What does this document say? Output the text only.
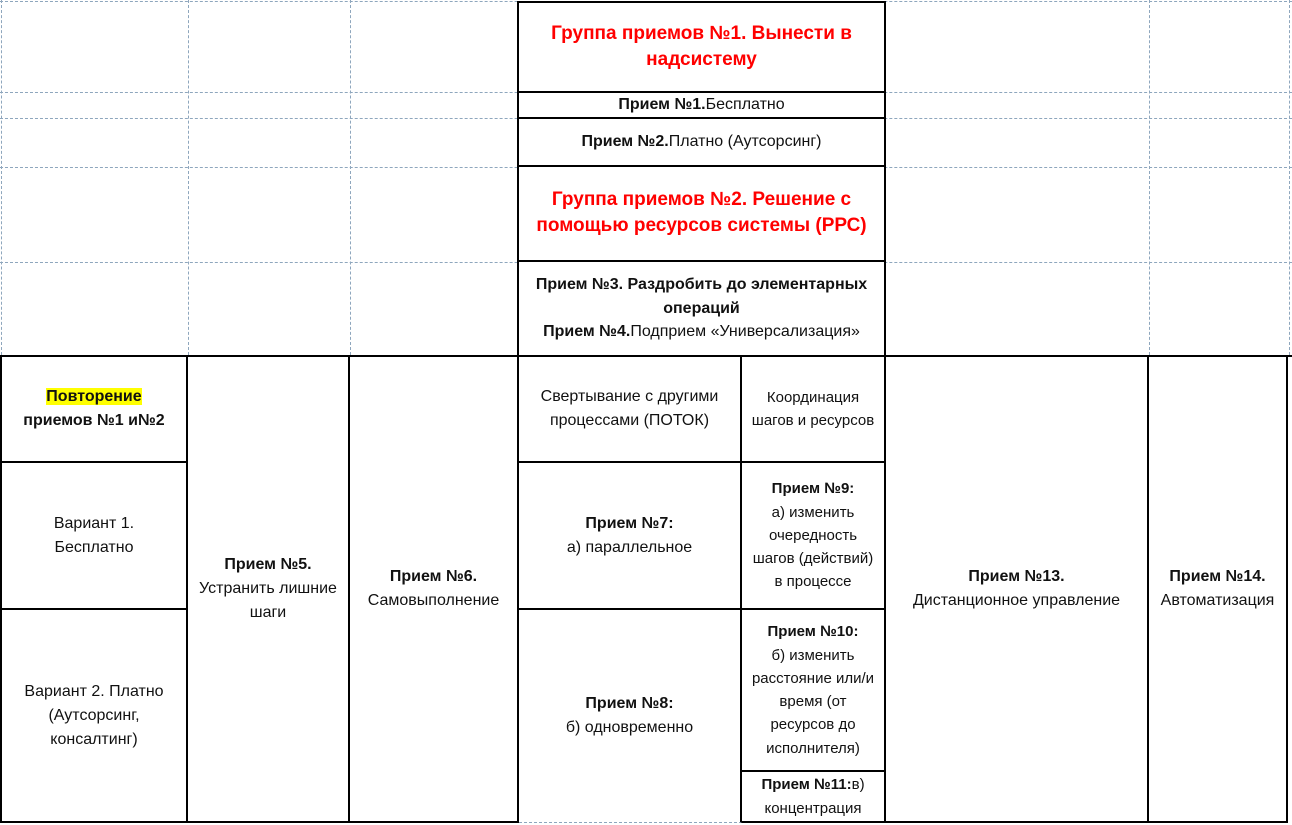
Группа приемов №1. Вынести в надсистему
Прием №1.Бесплатно
Прием №2.Платно (Аутсорсинг)
Группа приемов №2. Решение с помощью ресурсов системы (РРС)
Прием №3. Раздробить до элементарных операций
Прием №4.Подприем «Универсализация»
Повторение
приемов №1 и№2
Вариант 1. Бесплатно
Вариант 2. Платно (Аутсорсинг, консалтинг)
Прием №5.
Устранить лишние шаги
Прием №6.
Самовыполнение
Свертывание с другими процессами (ПОТОК)
Прием №7:
а) параллельное
Прием №8:
б) одновременно
Координация шагов и ресурсов
Прием №9:
а) изменить очередность шагов (действий) в процессе
Прием №10:
б) изменить расстояние или/и время (от ресурсов до исполнителя)
Прием №11:в) концентрация
Прием №13.
Дистанционное управление
Прием №14.
Автоматизация
